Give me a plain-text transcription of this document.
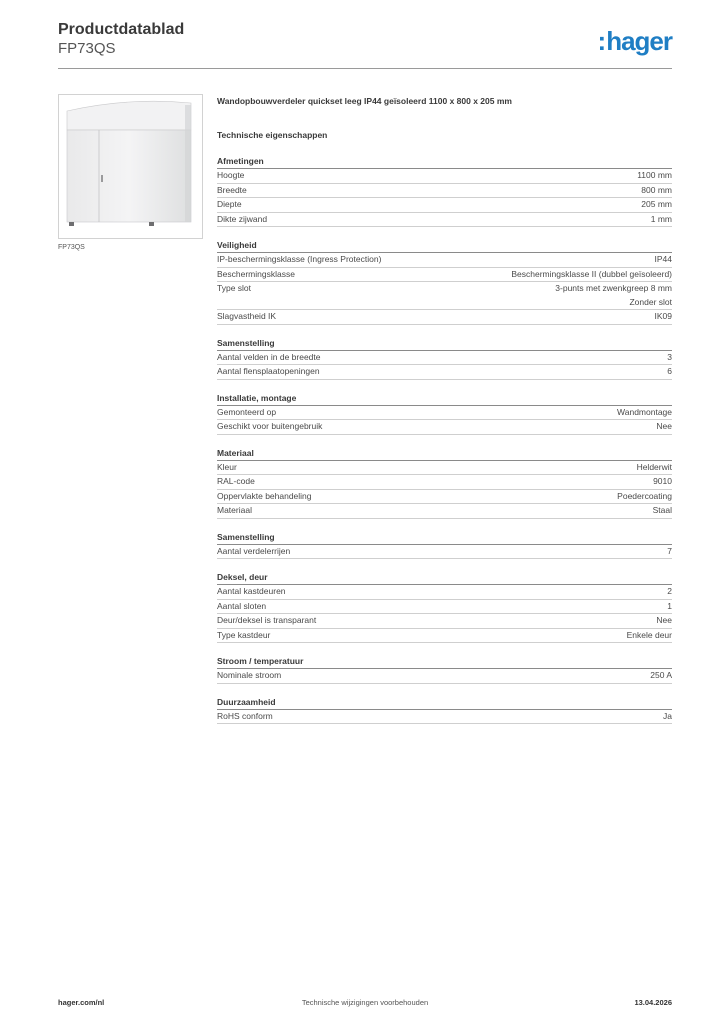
Productdatablad

FP73QS	:hager
FP73QS

Wandopbouwverdeler quickset leeg IP44 geïsoleerd 1100 x 800 x 205 mm

Technische eigenschappen

Afmetingen
Hoogte	1100 mm
Breedte	800 mm
Diepte	205 mm
Dikte zijwand	1 mm
Veiligheid
IP-beschermingsklasse (Ingress Protection)	IP44
Beschermingsklasse	Beschermingsklasse II (dubbel geïsoleerd)
Type slot	3-punts met zwenkgreep 8 mm
Zonder slot
Slagvastheid IK	IK09
Samenstelling
Aantal velden in de breedte	3
Aantal flensplaatopeningen	6
Installatie, montage
Gemonteerd op	Wandmontage
Geschikt voor buitengebruik	Nee
Materiaal
Kleur	Helderwit
RAL-code	9010
Oppervlakte behandeling	Poedercoating
Materiaal	Staal
Samenstelling
Aantal verdelerrijen	7
Deksel, deur
Aantal kastdeuren	2
Aantal sloten	1
Deur/deksel is transparant	Nee
Type kastdeur	Enkele deur
Stroom / temperatuur
Nominale stroom	250 A
Duurzaamheid
RoHS conform	Ja
hager.com/nl	Technische wijzigingen voorbehouden	13.04.2026
